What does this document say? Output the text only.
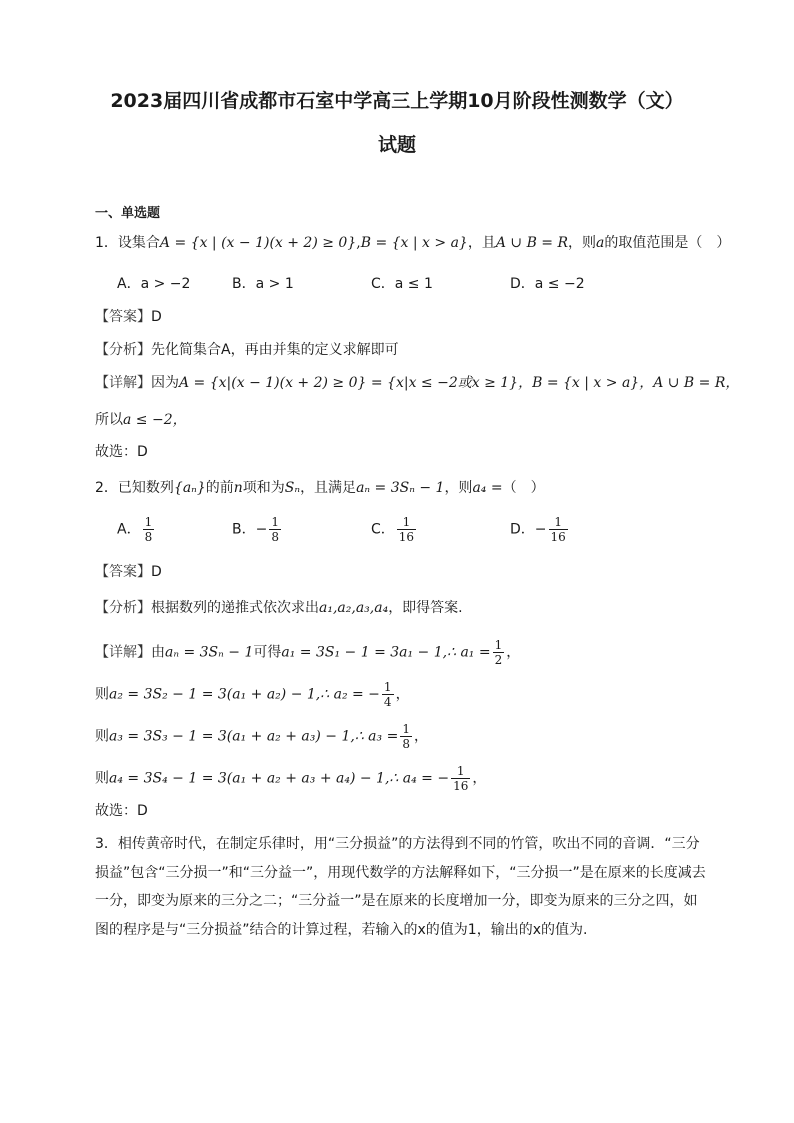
2023届四川省成都市石室中学高三上学期10月阶段性测数学（文）
试题
一、单选题
1．设集合A = {x | (x − 1)(x + 2) ≥ 0},B = {x | x > a}，且A ∪ B = R，则a的取值范围是（　）
A．a > −2	B．a > 1	C．a ≤ 1	D．a ≤ −2
【答案】D
【分析】先化简集合A，再由并集的定义求解即可
【详解】因为A = {x|(x − 1)(x + 2) ≥ 0} = {x|x ≤ −2或x ≥ 1}，B = {x | x > a}，A ∪ B = R，
所以a ≤ −2，
故选：D
2．已知数列{aₙ}的前n项和为Sₙ，且满足aₙ = 3Sₙ − 1，则a₄ =（　）
A． $\frac{1}{8}$	B．− $\frac{1}{8}$	C． $\frac{1}{16}$	D．− $\frac{1}{16}$
【答案】D
【分析】根据数列的递推式依次求出a₁,a₂,a₃,a₄，即得答案.
【详解】由aₙ = 3Sₙ − 1可得a₁ = 3S₁ − 1 = 3a₁ − 1,∴ $a_1 = \frac{1}{2}$ ，
则a₂ = 3S₂ − 1 = 3(a₁ + a₂) − 1,∴ a₂ = − $\frac{1}{4}$ ，
则a₃ = 3S₃ − 1 = 3(a₁ + a₂ + a₃) − 1,∴ $a_3 = \frac{1}{8}$ ，
则a₄ = 3S₄ − 1 = 3(a₁ + a₂ + a₃ + a₄) − 1,∴ a₄ = − $\frac{1}{16}$ ，
故选：D
3．相传黄帝时代，在制定乐律时，用“三分损益”的方法得到不同的竹管，吹出不同的音调．“三分
损益”包含“三分损一”和“三分益一”，用现代数学的方法解释如下，“三分损一”是在原来的长度减去
一分，即变为原来的三分之二；“三分益一”是在原来的长度增加一分，即变为原来的三分之四，如
图的程序是与“三分损益”结合的计算过程，若输入的x的值为1，输出的x的值为.
